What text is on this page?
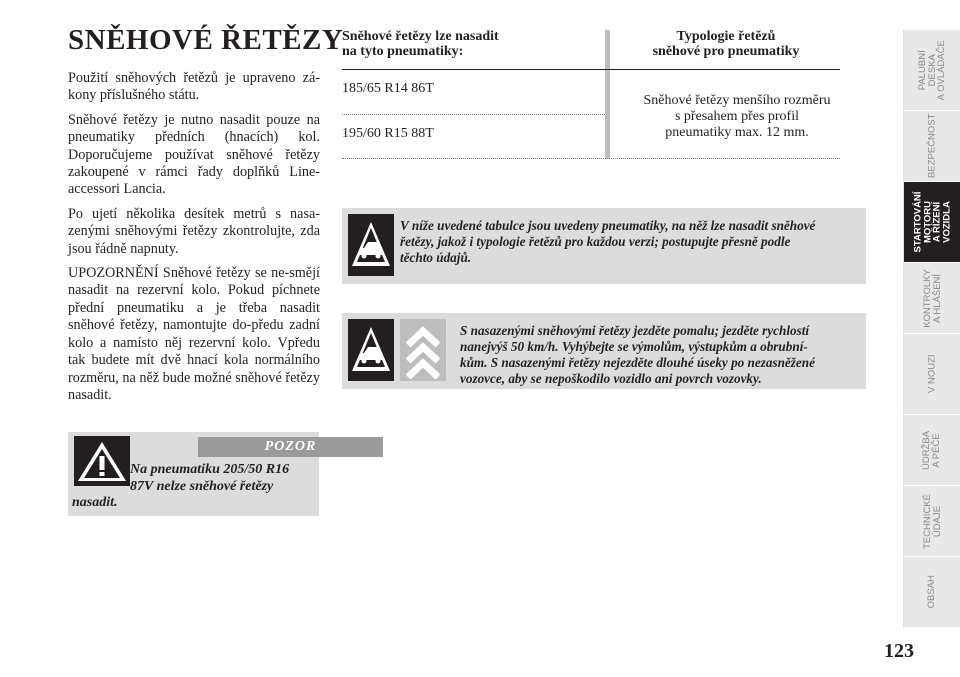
SNĚHOVÉ ŘETĚZY

Použití sněhových řetězů je upraveno zá-kony příslušného státu.

Sněhové řetězy je nutno nasadit pouze na pneumatiky předních (hnacích) kol. Doporučujeme používat sněhové řetězy zakoupené v rámci řady doplňků Line-accessori Lancia.

Po ujetí několika desítek metrů s nasa-zenými sněhovými řetězy zkontrolujte, zda jsou řádně napnuty.

UPOZORNĚNÍ Sněhové řetězy se ne-smějí nasadit na rezervní kolo. Pokud píchnete přední pneumatiku a je třeba nasadit sněhové řetězy, namontujte do-předu zadní kolo a namísto něj rezervní kolo. Vpředu tak budete mít dvě hnací kola normálního rozměru, na něž bude možné sněhové řetězy nasadit.

POZOR
Na pneumatiku 205/50 R16
87V nelze sněhové řetězy
nasadit.
Sněhové řetězy lze nasadit
na tyto pneumatiky:
Typologie řetězů
sněhové pro pneumatiky
185/65 R14 86T
195/60 R15 88T
Sněhové řetězy menšího rozměru
s přesahem přes profil
pneumatiky max. 12 mm.
V níže uvedené tabulce jsou uvedeny pneumatiky, na něž lze nasadit sněhové
řetězy, jakož i typologie řetězů pro každou verzi; postupujte přesně podle
těchto údajů.
S nasazenými sněhovými řetězy jezděte pomalu; jezděte rychlostí
nanejvýš 50 km/h. Vyhýbejte se výmolům, výstupkům a obrubní-
kům. S nasazenými řetězy nejezděte dlouhé úseky po nezasněžené
vozovce, aby se nepoškodilo vozidlo ani povrch vozovky.
PALUBNÍ
DESKA
A OVLÁDAČE
BEZPEČNOST
STARTOVÁNÍ
MOTORU
A ŘÍZENÍ
VOZIDLA
KONTROLKY
A HLÁŠENÍ
V NOUZI
ÚDRŽBA
A PÉČE
TECHNICKÉ
ÚDAJE
OBSAH
123
